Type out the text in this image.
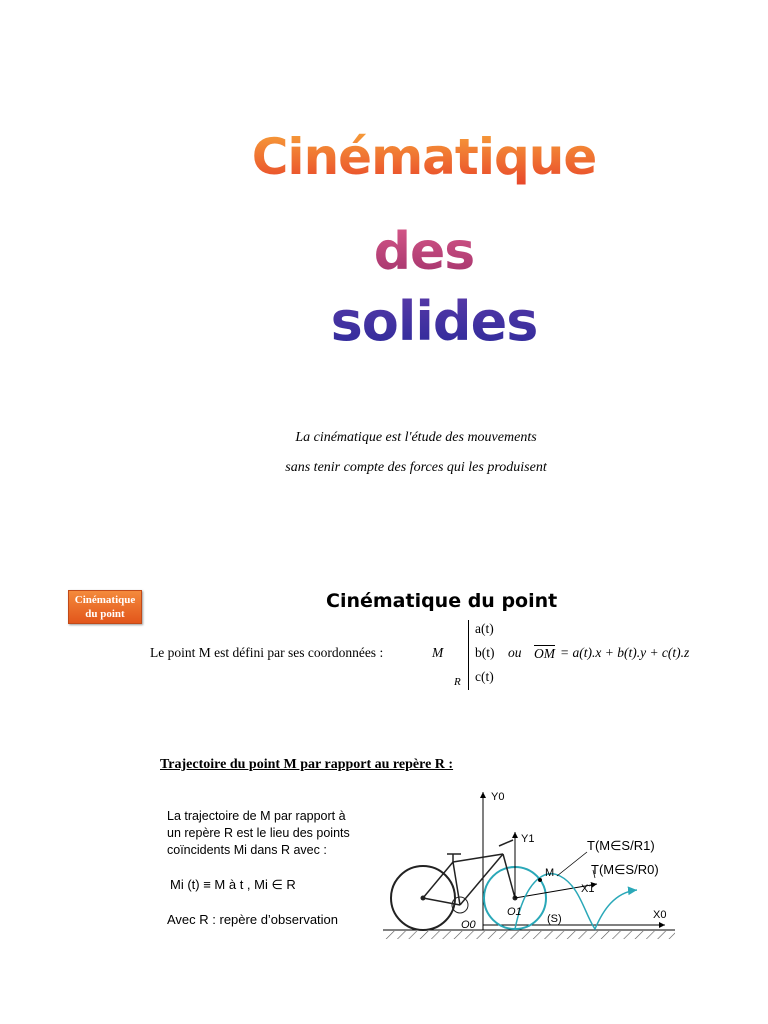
Cinématique
des
solides

La cinématique est l'étude des mouvements

sans tenir compte des forces qui les produisent

Cinématique
du point
Cinématique du point
Le point M est défini par ses coordonnées :	M
R
a(t)
b(t)
c(t)
ou OM = a(t).x + b(t).y + c(t).z
Trajectoire du point M par rapport au repère R :
La trajectoire de M par rapport à
un repère R est le lieu des points
coïncidents Mi dans R avec :
Mi (t) ≡ M à t , Mi ∈ R
Avec R : repère d’observation
Y0
X0
Y1
X1
M
O1
O0	(S)
T(M∈S/R1)
T(M∈S/R0)
